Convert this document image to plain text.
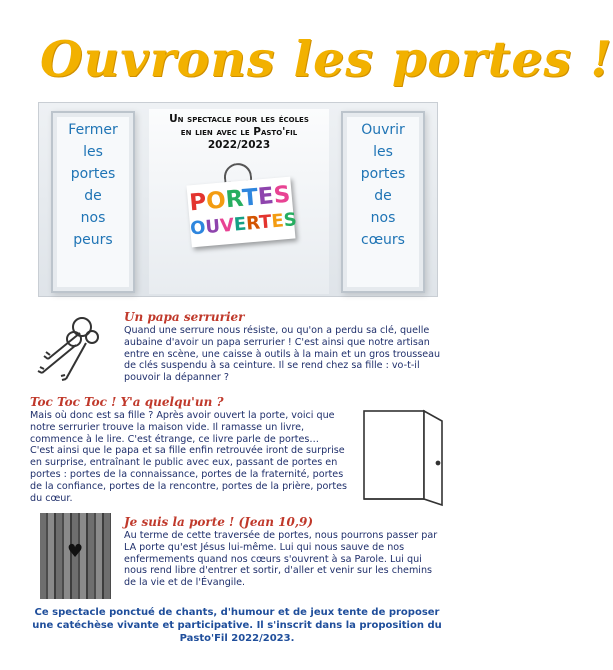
Ouvrons les portes !
Fermer
les
portes
de
nos
peurs
Un spectacle pour les écoles
en lien avec le Pasto'fil
2022/2023
PORTES
OUVERTES
Ouvrir
les
portes
de
nos
cœurs
Un papa serrurier
Quand une serrure nous résiste, ou qu'on a perdu sa clé, quelle aubaine d'avoir un papa serrurier ! C'est ainsi que notre artisan entre en scène, une caisse à outils à la main et un gros trousseau de clés suspendu à sa ceinture. Il se rend chez sa fille : vo-t-il pouvoir la dépanner ?
Toc Toc Toc ! Y'a quelqu'un ?

Mais où donc est sa fille ? Après avoir ouvert la porte, voici que notre serrurier trouve la maison vide. Il ramasse un livre, commence à le lire. C'est étrange, ce livre parle de portes…

C'est ainsi que le papa et sa fille enfin retrouvée iront de surprise en surprise, entraînant le public avec eux, passant de portes en portes : portes de la connaissance, portes de la fraternité, portes de la confiance, portes de la rencontre, portes de la prière, portes du cœur.

♥
Je suis la porte ! (Jean 10,9)
Au terme de cette traversée de portes, nous pourrons passer par LA porte qu'est Jésus lui-même. Lui qui nous sauve de nos enfermements quand nos cœurs s'ouvrent à sa Parole. Lui qui nous rend libre d'entrer et sortir, d'aller et venir sur les chemins de la vie et de l'Évangile.
Ce spectacle ponctué de chants, d'humour et de jeux tente de proposer une catéchèse vivante et participative. Il s'inscrit dans la proposition du Pasto'Fil 2022/2023.
